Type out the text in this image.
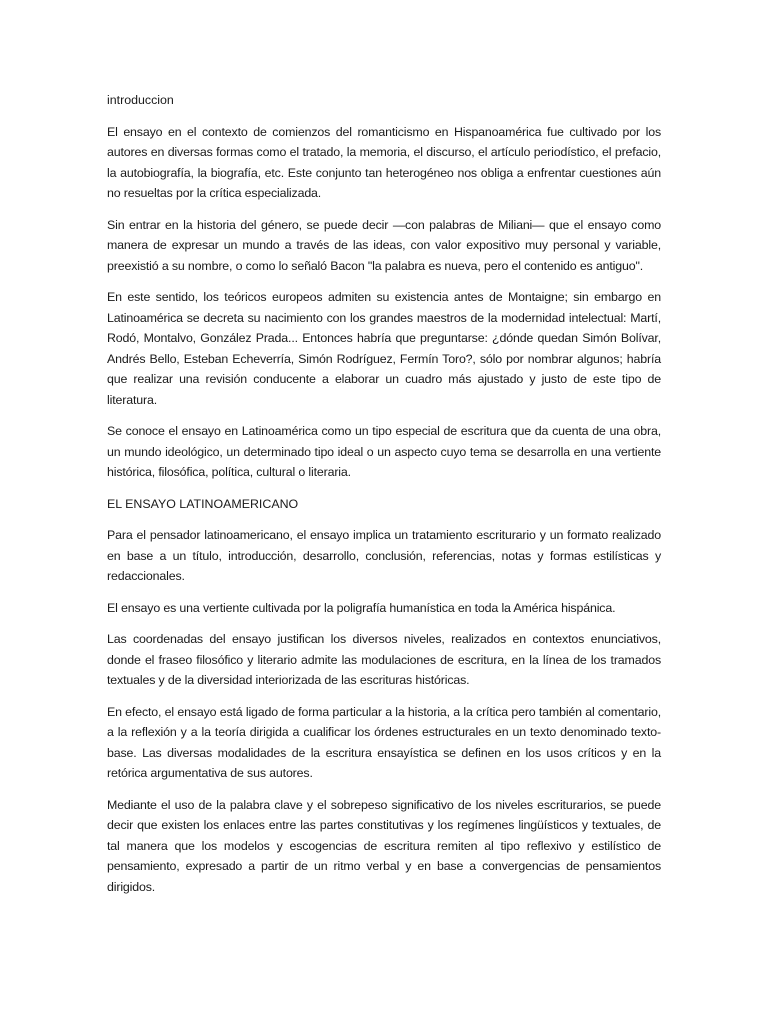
introduccion

El ensayo en el contexto de comienzos del romanticismo en Hispanoamérica fue cultivado por los autores en diversas formas como el tratado, la memoria, el discurso, el artículo periodístico, el prefacio, la autobiografía, la biografía, etc. Este conjunto tan heterogéneo nos obliga a enfrentar cuestiones aún no resueltas por la crítica especializada.

Sin entrar en la historia del género, se puede decir —con palabras de Miliani— que el ensayo como manera de expresar un mundo a través de las ideas, con valor expositivo muy personal y variable, preexistió a su nombre, o como lo señaló Bacon "la palabra es nueva, pero el contenido es antiguo".

En este sentido, los teóricos europeos admiten su existencia antes de Montaigne; sin embargo en Latinoamérica se decreta su nacimiento con los grandes maestros de la modernidad intelectual: Martí, Rodó, Montalvo, González Prada... Entonces habría que preguntarse: ¿dónde quedan Simón Bolívar, Andrés Bello, Esteban Echeverría, Simón Rodríguez, Fermín Toro?, sólo por nombrar algunos; habría que realizar una revisión conducente a elaborar un cuadro más ajustado y justo de este tipo de literatura.

Se conoce el ensayo en Latinoamérica como un tipo especial de escritura que da cuenta de una obra, un mundo ideológico, un determinado tipo ideal o un aspecto cuyo tema se desarrolla en una vertiente histórica, filosófica, política, cultural o literaria.

EL ENSAYO LATINOAMERICANO

Para el pensador latinoamericano, el ensayo implica un tratamiento escriturario y un formato realizado en base a un título, introducción, desarrollo, conclusión, referencias, notas y formas estilísticas y redaccionales.

El ensayo es una vertiente cultivada por la poligrafía humanística en toda la América hispánica.

Las coordenadas del ensayo justifican los diversos niveles, realizados en contextos enunciativos, donde el fraseo filosófico y literario admite las modulaciones de escritura, en la línea de los tramados textuales y de la diversidad interiorizada de las escrituras históricas.

En efecto, el ensayo está ligado de forma particular a la historia, a la crítica pero también al comentario, a la reflexión y a la teoría dirigida a cualificar los órdenes estructurales en un texto denominado texto-base. Las diversas modalidades de la escritura ensayística se definen en los usos críticos y en la retórica argumentativa de sus autores.

Mediante el uso de la palabra clave y el sobrepeso significativo de los niveles escriturarios, se puede decir que existen los enlaces entre las partes constitutivas y los regímenes lingüísticos y textuales, de tal manera que los modelos y escogencias de escritura remiten al tipo reflexivo y estilístico de pensamiento, expresado a partir de un ritmo verbal y en base a convergencias de pensamientos dirigidos.
